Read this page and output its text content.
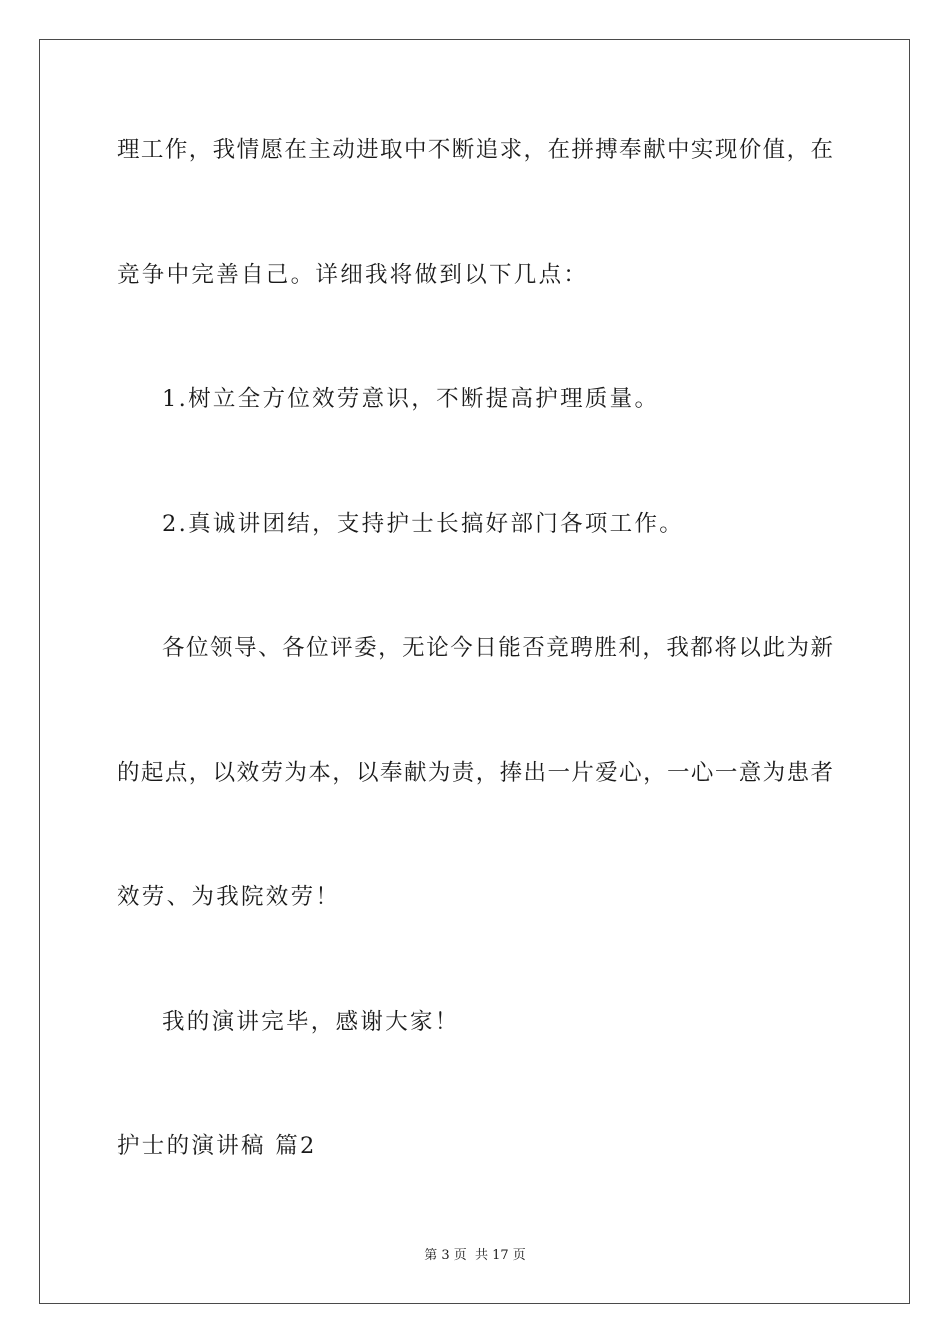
理工作，我情愿在主动进取中不断追求，在拼搏奉献中实现价值，在
竞争中完善自己。详细我将做到以下几点：
1.树立全方位效劳意识，不断提高护理质量。
2.真诚讲团结，支持护士长搞好部门各项工作。
各位领导、各位评委，无论今日能否竞聘胜利，我都将以此为新
的起点，以效劳为本，以奉献为责，捧出一片爱心，一心一意为患者
效劳、为我院效劳！
我的演讲完毕，感谢大家！
护士的演讲稿 篇2
第 3 页  共 17 页
